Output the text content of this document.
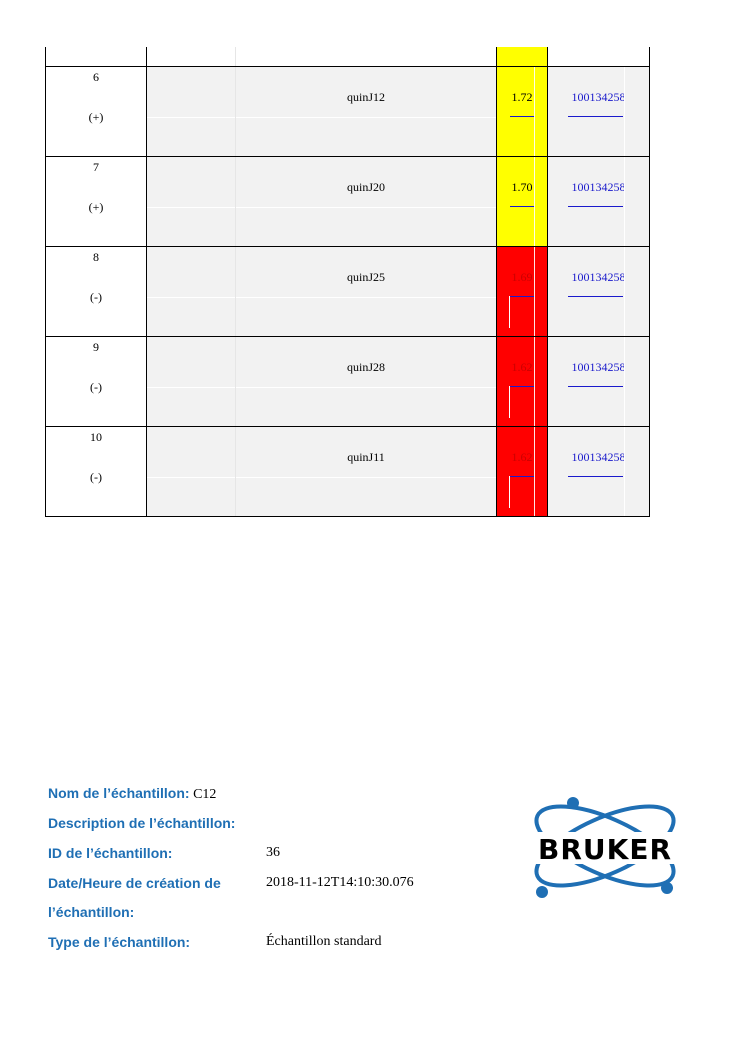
6
(+)		quinJ12	1.72	100134258

7
(+)		quinJ20	1.70	100134258

8
(-)		quinJ25	1.69	100134258

9
(-)		quinJ28	1.62	100134258

10
(-)		quinJ11	1.62	100134258
Nom de l’échantillon: C12
Description de l’échantillon:
ID de l’échantillon:	36
Date/Heure de création de	2018-11-12T14:10:30.076
l’échantillon:
Type de l’échantillon:	Échantillon standard
BRUKER
